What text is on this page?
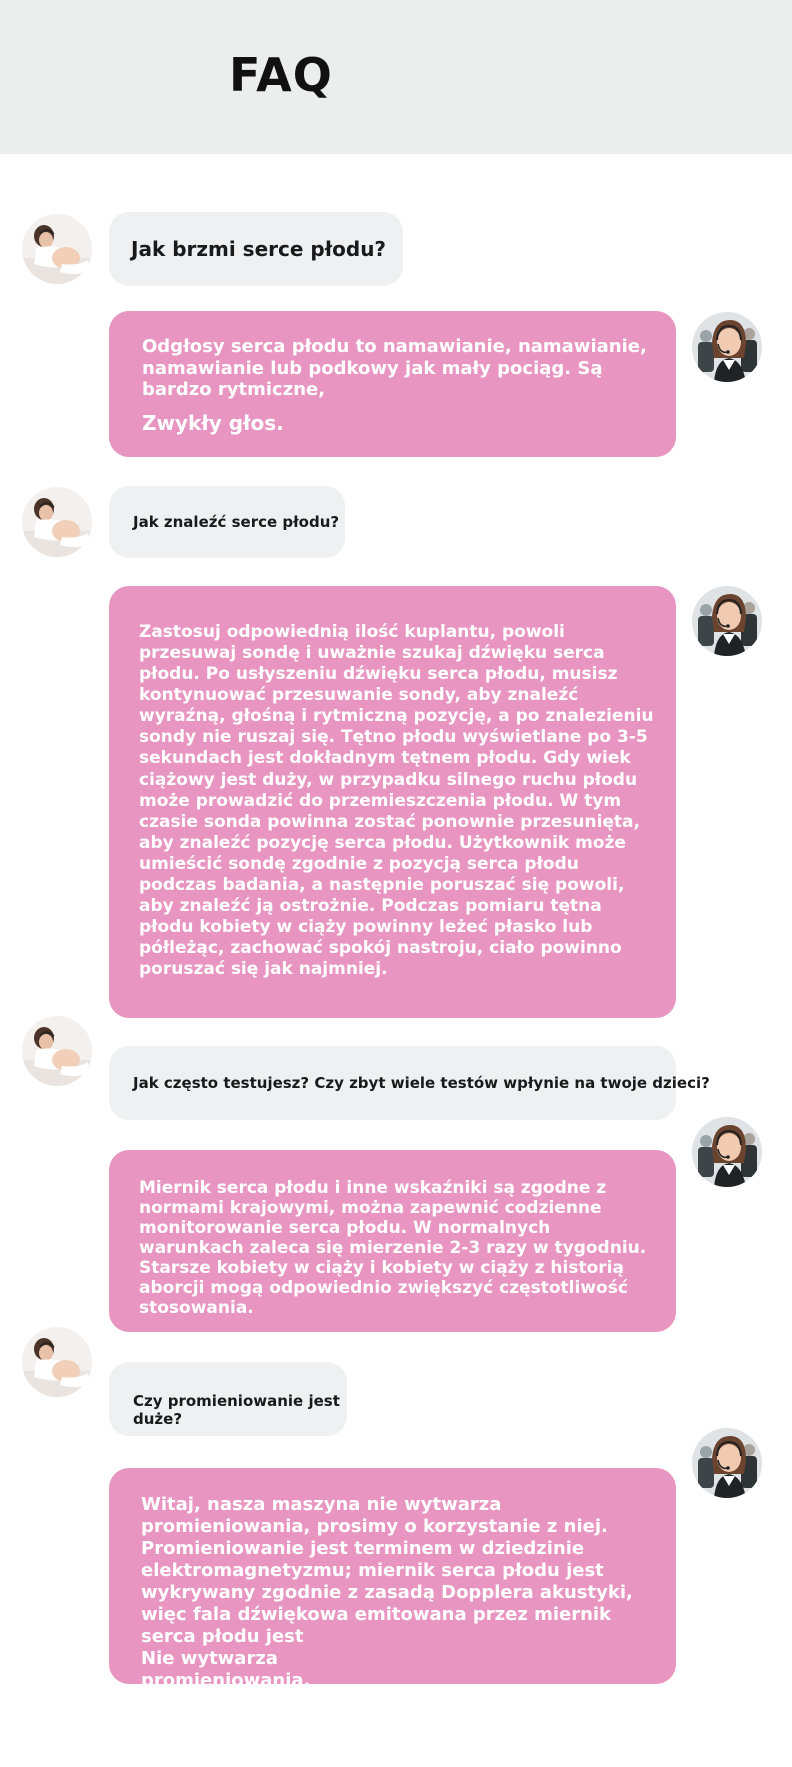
FAQ
Jak brzmi serce płodu?

Odgłosy serca płodu to namawianie, namawianie, namawianie lub podkowy jak mały pociąg. Są bardzo rytmiczne,

Zwykły głos.

Jak znaleźć serce płodu?

Zastosuj odpowiednią ilość kuplantu, powoli przesuwaj sondę i uważnie szukaj dźwięku serca płodu. Po usłyszeniu dźwięku serca płodu, musisz kontynuować przesuwanie sondy, aby znaleźć wyraźną, głośną i rytmiczną pozycję, a po znalezieniu sondy nie ruszaj się. Tętno płodu wyświetlane po 3-5 sekundach jest dokładnym tętnem płodu. Gdy wiek ciążowy jest duży, w przypadku silnego ruchu płodu może prowadzić do przemieszczenia płodu. W tym czasie sonda powinna zostać ponownie przesunięta, aby znaleźć pozycję serca płodu. Użytkownik może umieścić sondę zgodnie z pozycją serca płodu podczas badania, a następnie poruszać się powoli, aby znaleźć ją ostrożnie. Podczas pomiaru tętna płodu kobiety w ciąży powinny leżeć płasko lub półleżąc, zachować spokój nastroju, ciało powinno poruszać się jak najmniej.

Jak często testujesz? Czy zbyt wiele testów wpłynie na twoje dzieci?

Miernik serca płodu i inne wskaźniki są zgodne z normami krajowymi, można zapewnić codzienne monitorowanie serca płodu. W normalnych warunkach zaleca się mierzenie 2-3 razy w tygodniu. Starsze kobiety w ciąży i kobiety w ciąży z historią aborcji mogą odpowiednio zwiększyć częstotliwość stosowania.

Czy promieniowanie jest duże?

Witaj, nasza maszyna nie wytwarza promieniowania, prosimy o korzystanie z niej. Promieniowanie jest terminem w dziedzinie elektromagnetyzmu; miernik serca płodu jest wykrywany zgodnie z zasadą Dopplera akustyki, więc fala dźwiękowa emitowana przez miernik serca płodu jest

Nie wytwarza promieniowania.
